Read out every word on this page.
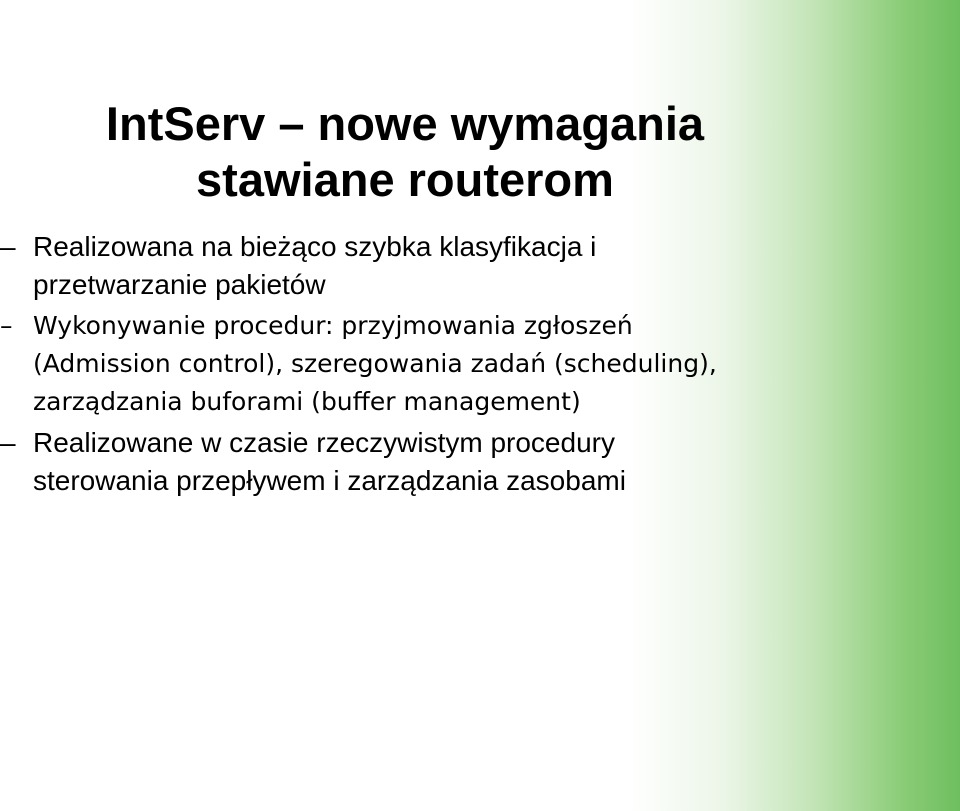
IntServ – nowe wymagania
stawiane routerom
– Realizowana na bieżąco szybka klasyfikacja i
przetwarzanie pakietów
– Wykonywanie procedur: przyjmowania zgłoszeń
(Admission control), szeregowania zadań (scheduling),
zarządzania buforami (buffer management)
– Realizowane w czasie rzeczywistym procedury
sterowania przepływem i zarządzania zasobami
